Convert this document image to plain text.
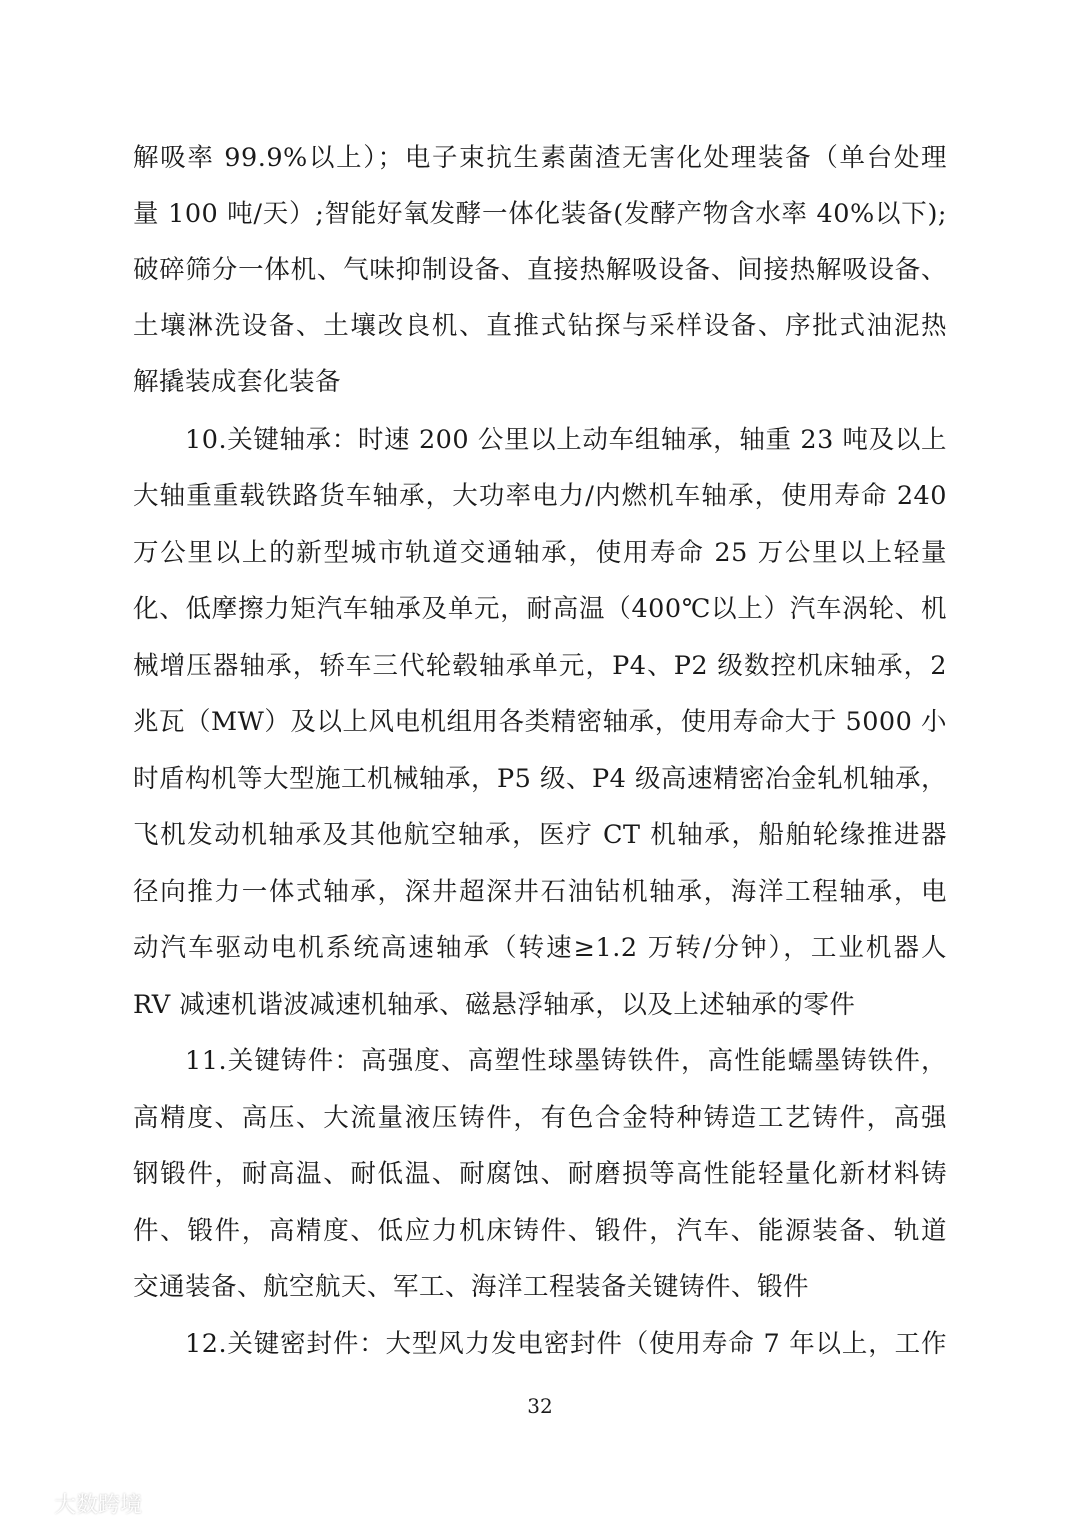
解吸率 99.9%以上）；电子束抗生素菌渣无害化处理装备（单台处理
量 100 吨/天）;智能好氧发酵一体化装备(发酵产物含水率 40%以下);
破碎筛分一体机、气味抑制设备、直接热解吸设备、间接热解吸设备、
土壤淋洗设备、土壤改良机、直推式钻探与采样设备、序批式油泥热
解撬装成套化装备
10.关键轴承：时速 200 公里以上动车组轴承，轴重 23 吨及以上
大轴重重载铁路货车轴承，大功率电力/内燃机车轴承，使用寿命 240
万公里以上的新型城市轨道交通轴承，使用寿命 25 万公里以上轻量
化、低摩擦力矩汽车轴承及单元，耐高温（400℃以上）汽车涡轮、机
械增压器轴承，轿车三代轮毂轴承单元，P4、P2 级数控机床轴承，2
兆瓦（MW）及以上风电机组用各类精密轴承，使用寿命大于 5000 小
时盾构机等大型施工机械轴承，P5 级、P4 级高速精密冶金轧机轴承，
飞机发动机轴承及其他航空轴承，医疗 CT 机轴承，船舶轮缘推进器
径向推力一体式轴承，深井超深井石油钻机轴承，海洋工程轴承，电
动汽车驱动电机系统高速轴承（转速≥1.2 万转/分钟），工业机器人
RV 减速机谐波减速机轴承、磁悬浮轴承，以及上述轴承的零件
11.关键铸件：高强度、高塑性球墨铸铁件，高性能蠕墨铸铁件，
高精度、高压、大流量液压铸件，有色合金特种铸造工艺铸件，高强
钢锻件，耐高温、耐低温、耐腐蚀、耐磨损等高性能轻量化新材料铸
件、锻件，高精度、低应力机床铸件、锻件，汽车、能源装备、轨道
交通装备、航空航天、军工、海洋工程装备关键铸件、锻件
12.关键密封件：大型风力发电密封件（使用寿命 7 年以上，工作
32
大数跨境
